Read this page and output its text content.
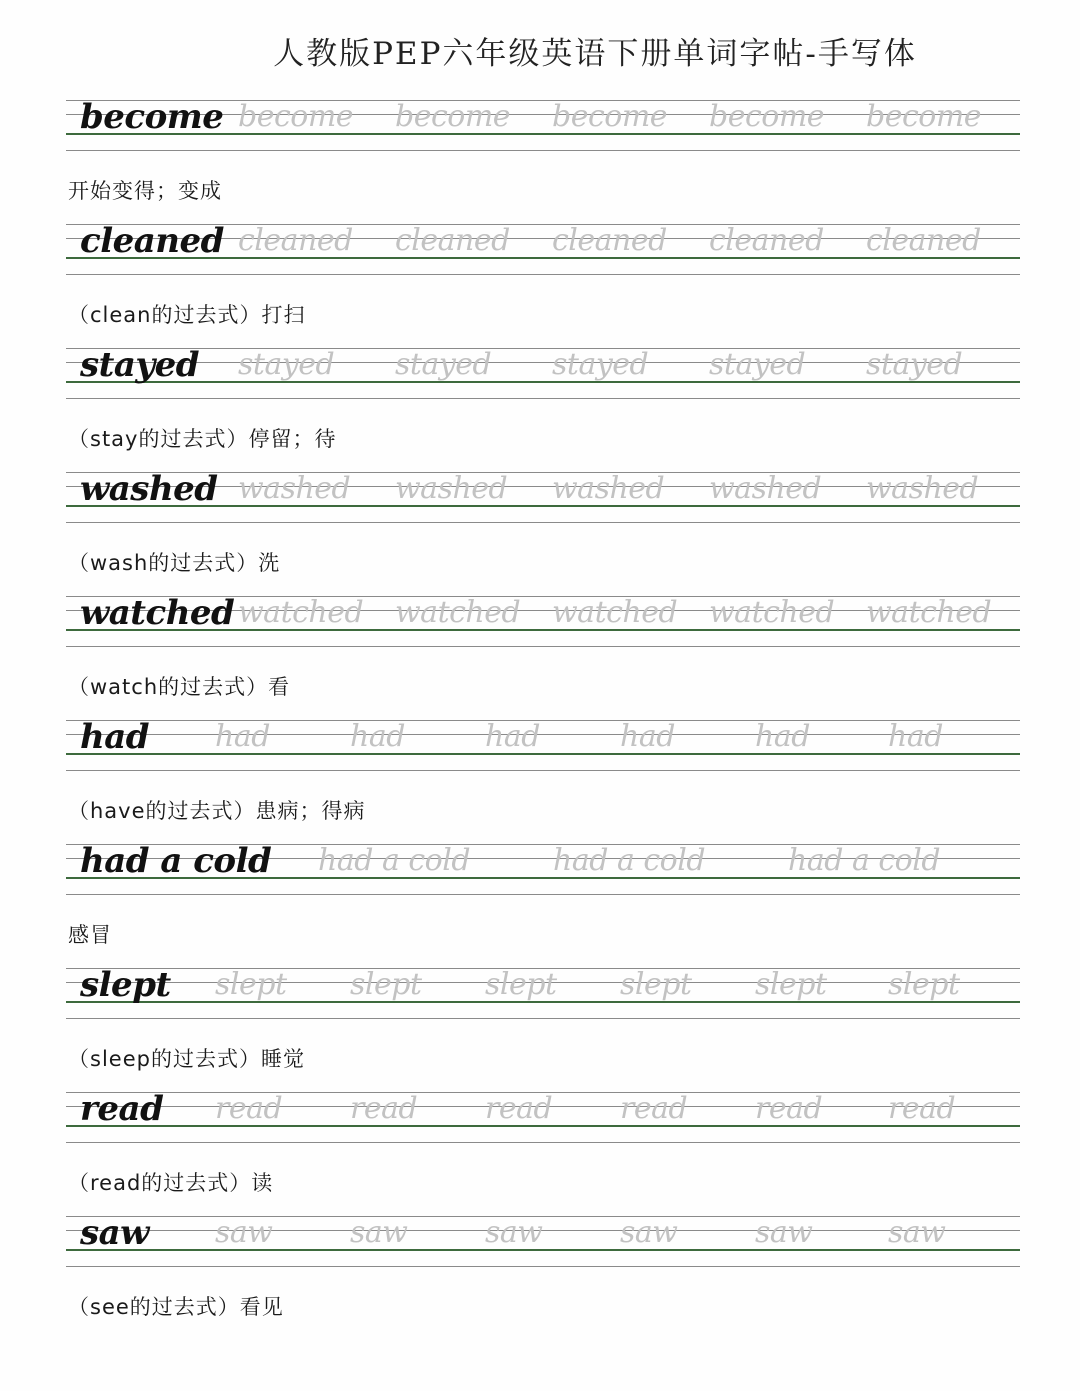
人教版PEP六年级英语下册单词字帖-手写体
become become become become become become
开始变得；变成
cleaned cleaned cleaned cleaned cleaned cleaned
（clean的过去式）打扫
stayed stayed stayed stayed stayed stayed
（stay的过去式）停留；待
washed washed washed washed washed washed
（wash的过去式）洗
watched watched watched watched watched watched
（watch的过去式）看
had had	had	had	had	had	had
（have的过去式）患病；得病
had a cold had a cold	had a cold	had a cold
感冒
slept slept slept slept slept slept slept
（sleep的过去式）睡觉
read read read read read read read
（read的过去式）读
saw saw	saw	saw	saw	saw	saw
（see的过去式）看见
